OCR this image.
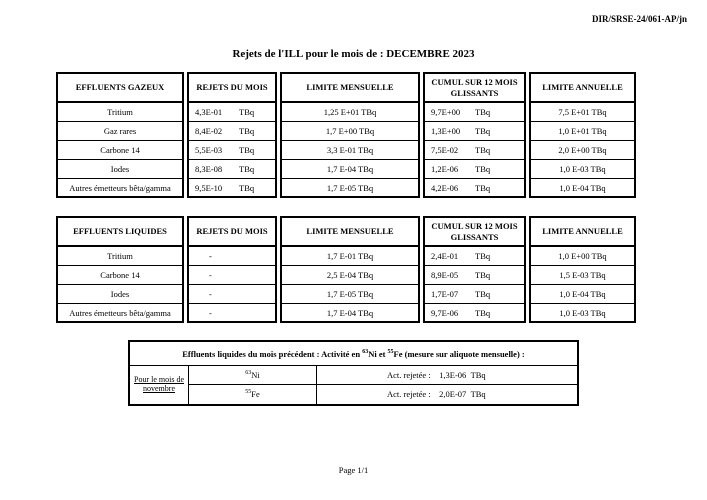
DIR/SRSE-24/061-AP/jn
Rejets de l'ILL pour le mois de : DECEMBRE 2023
EFFLUENTS GAZEUX		REJETS DU MOIS		LIMITE MENSUELLE		CUMUL SUR 12 MOIS GLISSANTS		LIMITE ANNUELLE
Tritium		4,3E-01 TBq		1,25 E+01 TBq		9,7E+00 TBq		7,5 E+01 TBq
Gaz rares		8,4E-02 TBq		1,7 E+00 TBq		1,3E+00 TBq		1,0 E+01 TBq
Carbone 14		5,5E-03 TBq		3,3 E-01 TBq		7,5E-02 TBq		2,0 E+00 TBq
Iodes		8,3E-08 TBq		1,7 E-04 TBq		1,2E-06 TBq		1,0 E-03 TBq
Autres émetteurs bêta/gamma		9,5E-10 TBq		1,7 E-05 TBq		4,2E-06 TBq		1,0 E-04 TBq
EFFLUENTS LIQUIDES		REJETS DU MOIS		LIMITE MENSUELLE		CUMUL SUR 12 MOIS GLISSANTS		LIMITE ANNUELLE
Tritium		-		1,7 E-01 TBq		2,4E-01 TBq		1,0 E+00 TBq
Carbone 14		-		2,5 E-04 TBq		8,9E-05 TBq		1,5 E-03 TBq
Iodes		-		1,7 E-05 TBq		1,7E-07 TBq		1,0 E-04 TBq
Autres émetteurs bêta/gamma		-		1,7 E-04 TBq		9,7E-06 TBq		1,0 E-03 TBq
Effluents liquides du mois précédent : Activité en $^{63}$Ni et $^{55}$Fe (mesure sur aliquote mensuelle) :
Pour le mois de novembre
$^{63}$Ni	Act. rejetée : 1,3E-06 TBq
$^{55}$Fe	Act. rejetée : 2,0E-07 TBq
Page 1/1
